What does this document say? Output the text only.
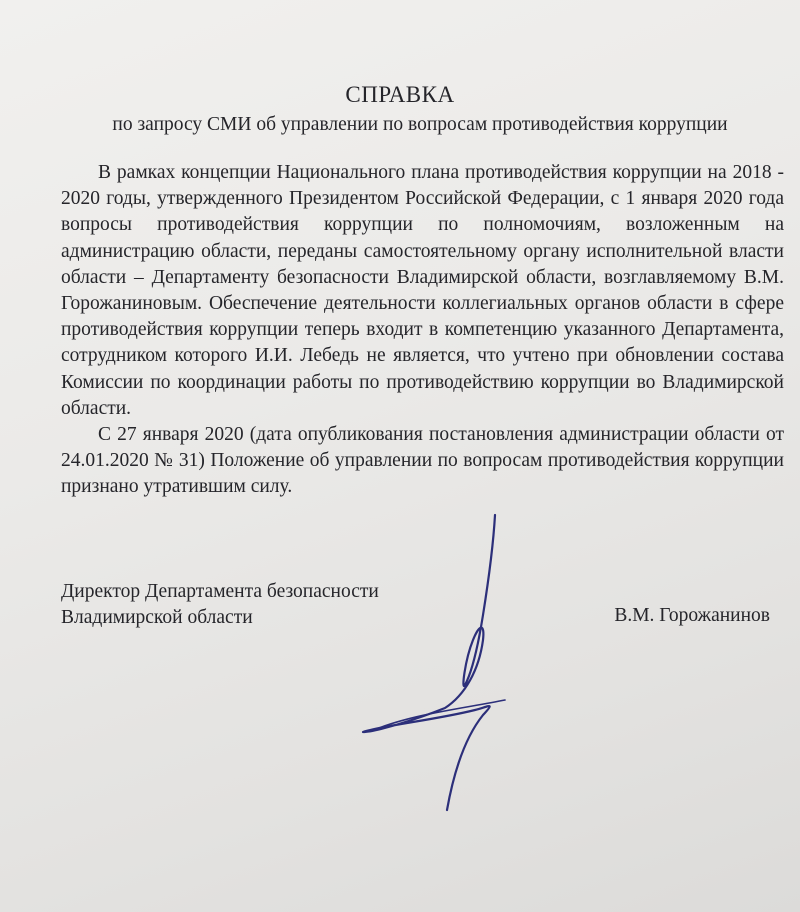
СПРАВКА
по запросу СМИ об управлении по вопросам противодействия коррупции

В рамках концепции Национального плана противодействия коррупции на 2018 - 2020 годы, утвержденного Президентом Российской Федерации, с 1 января 2020 года вопросы противодействия коррупции по полномочиям, возложенным на администрацию области, переданы самостоятельному органу исполнительной власти области – Департаменту безопасности Владимирской области, возглавляемому В.М. Горожаниновым. Обеспечение деятельности коллегиальных органов области в сфере противодействия коррупции теперь входит в компетенцию указанного Департамента, сотрудником которого И.И. Лебедь не является, что учтено при обновлении состава Комиссии по координации работы по противодействию коррупции во Владимирской области.

С 27 января 2020 (дата опубликования постановления администрации области от 24.01.2020 № 31) Положение об управлении по вопросам противодействия коррупции признано утратившим силу.

Директор Департамента безопасности
Владимирской области	В.М. Горожанинов
